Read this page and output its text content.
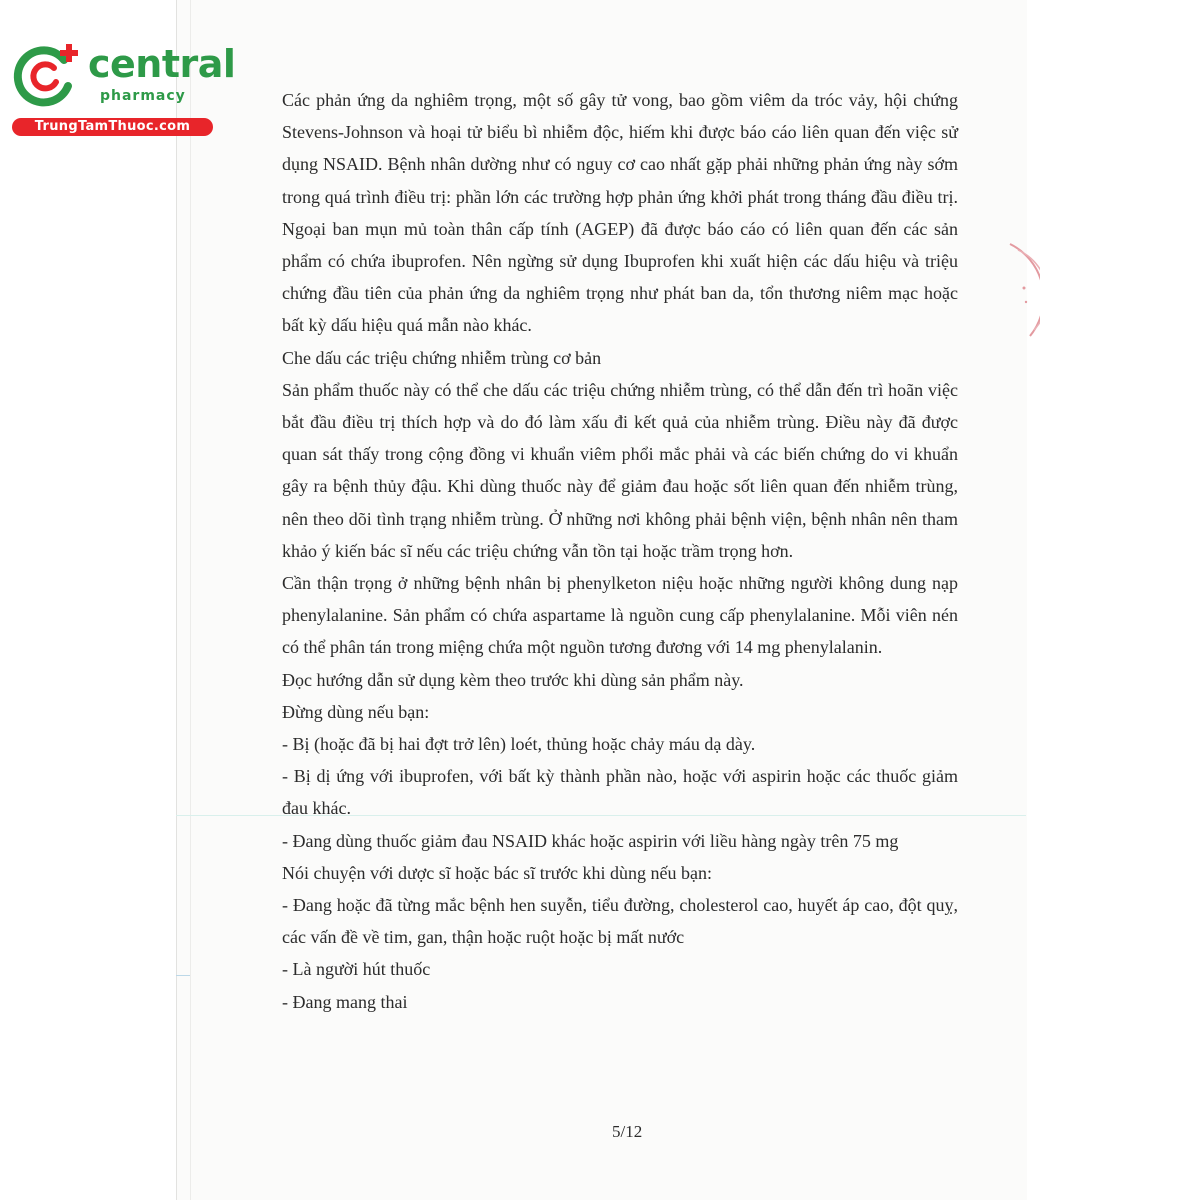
central
pharmacy
TrungTamThuoc.com

Các phản ứng da nghiêm trọng, một số gây tử vong, bao gồm viêm da tróc vảy, hội chứng Stevens-Johnson và hoại tử biểu bì nhiễm độc, hiếm khi được báo cáo liên quan đến việc sử dụng NSAID. Bệnh nhân dường như có nguy cơ cao nhất gặp phải những phản ứng này sớm trong quá trình điều trị: phần lớn các trường hợp phản ứng khởi phát trong tháng đầu điều trị. Ngoại ban mụn mủ toàn thân cấp tính (AGEP) đã được báo cáo có liên quan đến các sản phẩm có chứa ibuprofen. Nên ngừng sử dụng Ibuprofen khi xuất hiện các dấu hiệu và triệu chứng đầu tiên của phản ứng da nghiêm trọng như phát ban da, tổn thương niêm mạc hoặc bất kỳ dấu hiệu quá mẫn nào khác.

Che dấu các triệu chứng nhiễm trùng cơ bản

Sản phẩm thuốc này có thể che dấu các triệu chứng nhiễm trùng, có thể dẫn đến trì hoãn việc bắt đầu điều trị thích hợp và do đó làm xấu đi kết quả của nhiễm trùng. Điều này đã được quan sát thấy trong cộng đồng vi khuẩn viêm phổi mắc phải và các biến chứng do vi khuẩn gây ra bệnh thủy đậu. Khi dùng thuốc này để giảm đau hoặc sốt liên quan đến nhiễm trùng, nên theo dõi tình trạng nhiễm trùng. Ở những nơi không phải bệnh viện, bệnh nhân nên tham khảo ý kiến bác sĩ nếu các triệu chứng vẫn tồn tại hoặc trầm trọng hơn.

Cần thận trọng ở những bệnh nhân bị phenylketon niệu hoặc những người không dung nạp phenylalanine. Sản phẩm có chứa aspartame là nguồn cung cấp phenylalanine. Mỗi viên nén có thể phân tán trong miệng chứa một nguồn tương đương với 14 mg phenylalanin.

Đọc hướng dẫn sử dụng kèm theo trước khi dùng sản phẩm này.

Đừng dùng nếu bạn:

- Bị (hoặc đã bị hai đợt trở lên) loét, thủng hoặc chảy máu dạ dày.

- Bị dị ứng với ibuprofen, với bất kỳ thành phần nào, hoặc với aspirin hoặc các thuốc giảm đau khác.

- Đang dùng thuốc giảm đau NSAID khác hoặc aspirin với liều hàng ngày trên 75 mg

Nói chuyện với dược sĩ hoặc bác sĩ trước khi dùng nếu bạn:

- Đang hoặc đã từng mắc bệnh hen suyễn, tiểu đường, cholesterol cao, huyết áp cao, đột quỵ, các vấn đề về tim, gan, thận hoặc ruột hoặc bị mất nước

- Là người hút thuốc

- Đang mang thai

5/12
